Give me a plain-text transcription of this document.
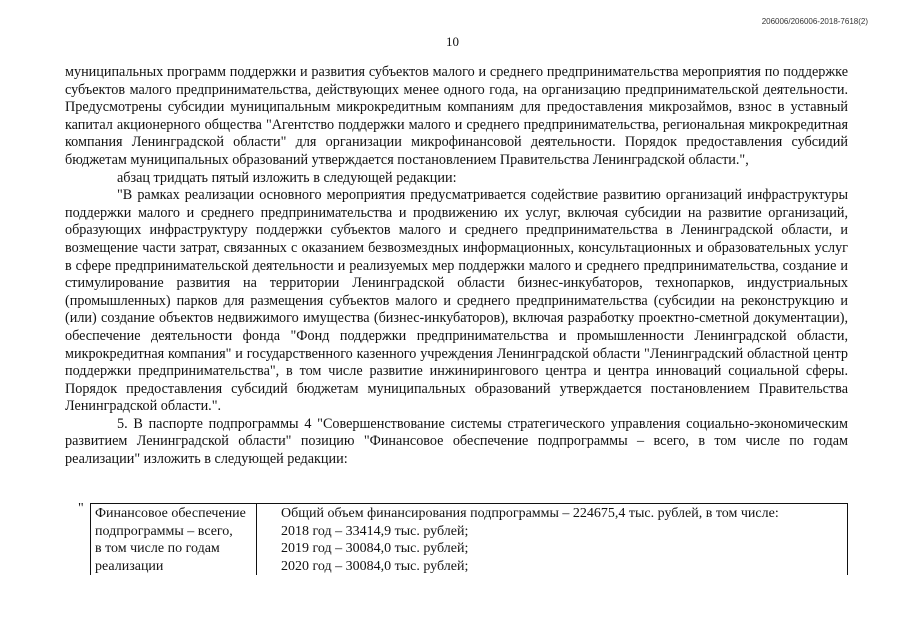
206006/206006-2018-7618(2)
10

муниципальных программ поддержки и развития субъектов малого и среднего предпринимательства мероприятия по поддержке субъектов малого предпринимательства, действующих менее одного года, на организацию предпринимательской деятельности. Предусмотрены субсидии муниципальным микрокредитным компаниям для предоставления микрозаймов, взнос в уставный капитал акционерного общества "Агентство поддержки малого и среднего предпринимательства, региональная микрокредитная компания Ленинградской области" для организации микрофинансовой деятельности. Порядок предоставления субсидий бюджетам муниципальных образований утверждается постановлением Правительства Ленинградской области.",

абзац тридцать пятый изложить в следующей редакции:

"В рамках реализации основного мероприятия предусматривается содействие развитию организаций инфраструктуры поддержки малого и среднего предпринимательства и продвижению их услуг, включая субсидии на развитие организаций, образующих инфраструктуру поддержки субъектов малого и среднего предпринимательства в Ленинградской области, и возмещение части затрат, связанных с оказанием безвозмездных информационных, консультационных и образовательных услуг в сфере предпринимательской деятельности и реализуемых мер поддержки малого и среднего предпринимательства, создание и стимулирование развития на территории Ленинградской области бизнес-инкубаторов, технопарков, индустриальных (промышленных) парков для размещения субъектов малого и среднего предпринимательства (субсидии на реконструкцию и (или) создание объектов недвижимого имущества (бизнес-инкубаторов), включая разработку проектно-сметной документации), обеспечение деятельности фонда "Фонд поддержки предпринимательства и промышленности Ленинградской области, микрокредитная компания" и государственного казенного учреждения Ленинградской области "Ленинградский областной центр поддержки предпринимательства", в том числе развитие инжинирингового центра и центра инноваций социальной сферы. Порядок предоставления субсидий бюджетам муниципальных образований утверждается постановлением Правительства Ленинградской области.".

5. В паспорте подпрограммы 4 "Совершенствование системы стратегического управления социально-экономическим развитием Ленинградской области" позицию "Финансовое обеспечение подпрограммы – всего, в том числе по годам реализации" изложить в следующей редакции:

" Финансовое обеспечение
подпрограммы – всего,
в том числе по годам
реализации
Общий объем финансирования подпрограммы – 224675,4 тыс. рублей, в том числе:
2018 год – 33414,9 тыс. рублей;
2019 год – 30084,0 тыс. рублей;
2020 год – 30084,0 тыс. рублей;
